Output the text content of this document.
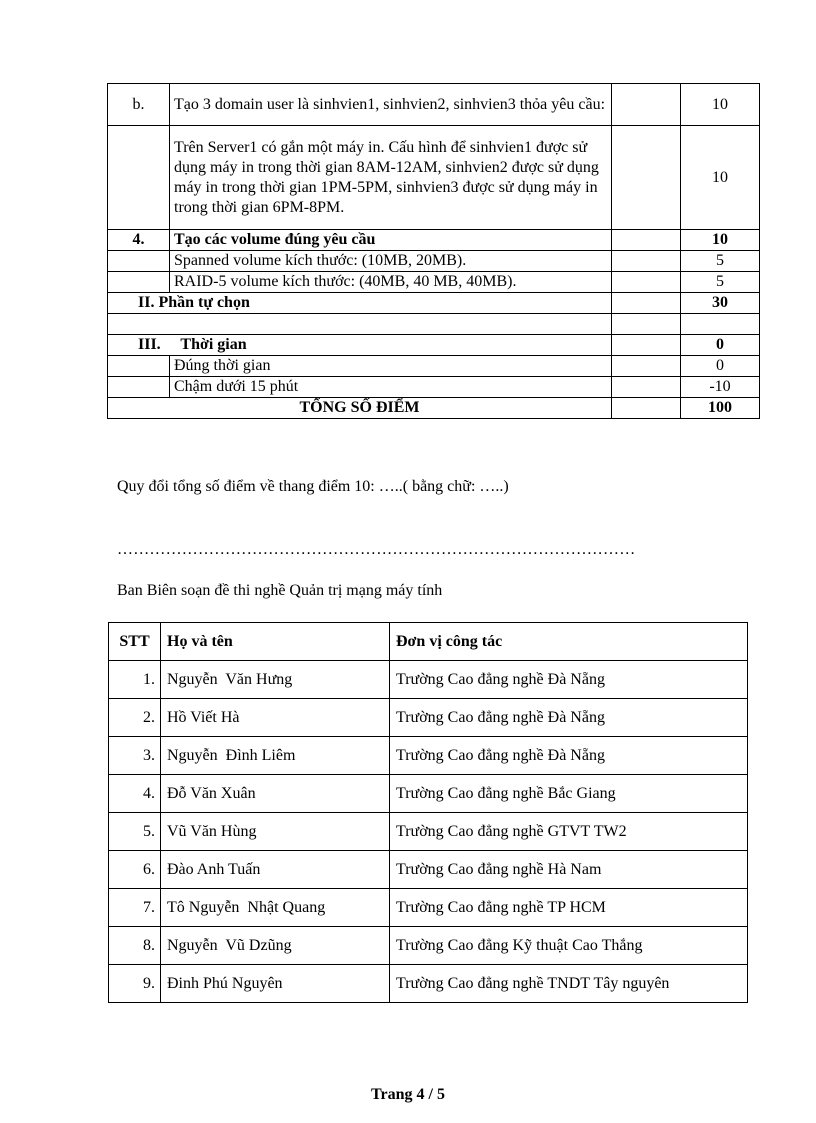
b.	Tạo 3 domain user là sinhvien1, sinhvien2, sinhvien3 thỏa yêu cầu:		10
	Trên Server1 có gắn một máy in. Cấu hình để sinhvien1 được sử dụng máy in trong thời gian 8AM-12AM, sinhvien2 được sử dụng máy in trong thời gian 1PM-5PM, sinhvien3 được sử dụng máy in trong thời gian 6PM-8PM.		10
4.	Tạo các volume đúng yêu cầu		10
	Spanned volume kích thước: (10MB, 20MB).		5
	RAID-5 volume kích thước: (40MB, 40 MB, 40MB).		5
II. Phần tự chọn			30

III.     Thời gian			0
	Đúng thời gian		0
	Chậm dưới 15 phút		-10
TỔNG SỐ ĐIỂM			100
Quy đổi tổng số điểm về thang điểm 10: …..( bằng chữ: …..)
……………………………………………………………………………………
Ban Biên soạn đề thi nghề Quản trị mạng máy tính
STT	Họ và tên	Đơn vị công tác
1.	Nguyễn  Văn Hưng	Trường Cao đẳng nghề Đà Nẵng
2.	Hồ Viết Hà	Trường Cao đẳng nghề Đà Nẵng
3.	Nguyễn  Đình Liêm	Trường Cao đẳng nghề Đà Nẵng
4.	Đỗ Văn Xuân	Trường Cao đẳng nghề Bắc Giang
5.	Vũ Văn Hùng	Trường Cao đẳng nghề GTVT TW2
6.	Đào Anh Tuấn	Trường Cao đẳng nghề Hà Nam
7.	Tô Nguyễn  Nhật Quang	Trường Cao đẳng nghề TP HCM
8.	Nguyễn  Vũ Dzũng	Trường Cao đẳng Kỹ thuật Cao Thắng
9.	Đinh Phú Nguyên	Trường Cao đẳng nghề TNDT Tây nguyên
Trang 4 / 5
